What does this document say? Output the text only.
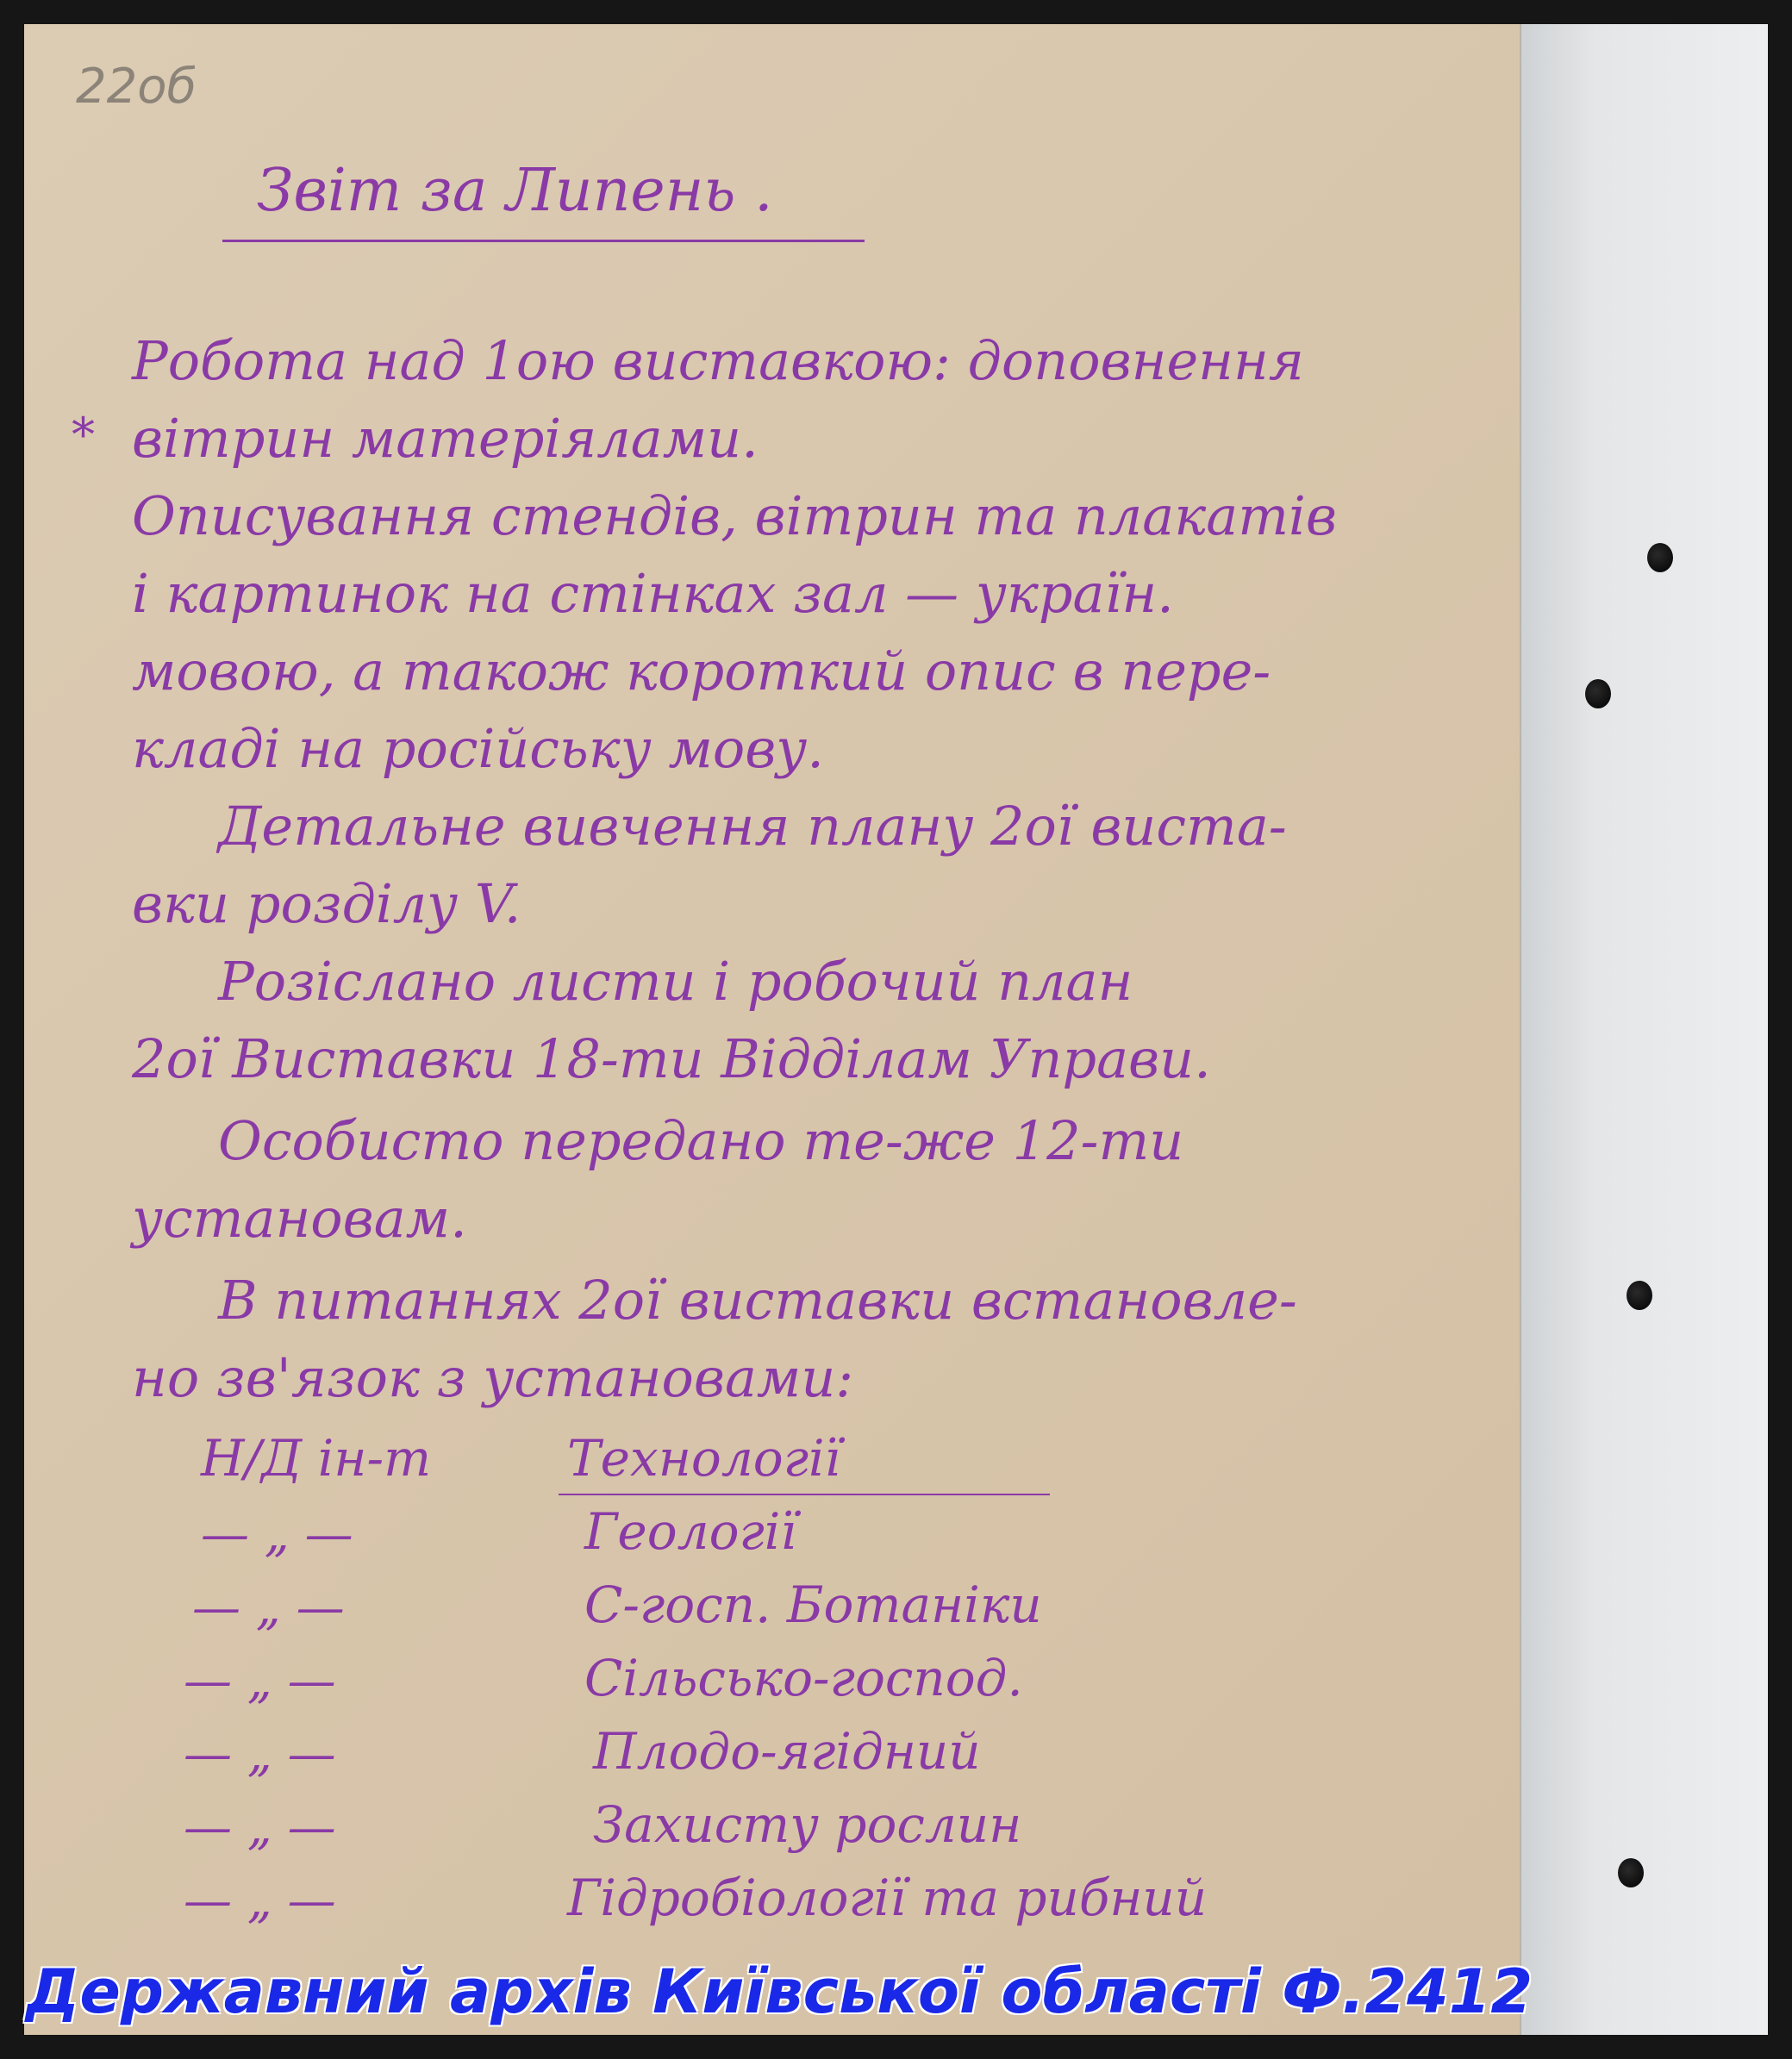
22об
Звіт за Липень .
*
Робота над 1ою виставкою: доповнення
вітрин матеріялами.
Описування стендів, вітрин та плакатів
і картинок на стінках зал — україн.
мовою, а також короткий опис в пере-
кладі на російську мову.
Детальне вивчення плану 2ої виста-
вки розділу V.
Розіслано листи і робочий план
2ої Виставки 18-ти Відділам Управи.
Особисто передано те-же 12-ти
установам.
В питаннях 2ої виставки встановле-
но зв'язок з установами:
Н/Д ін-т	Технології
— „ —	Геології
— „ —	С-госп. Ботаніки
— „ —	Сільсько-господ.
— „ —	Плодо-ягідний
— „ —	Захисту рослин
— „ —	Гідробіології та рибний
Державний архів Київської області Ф.2412
